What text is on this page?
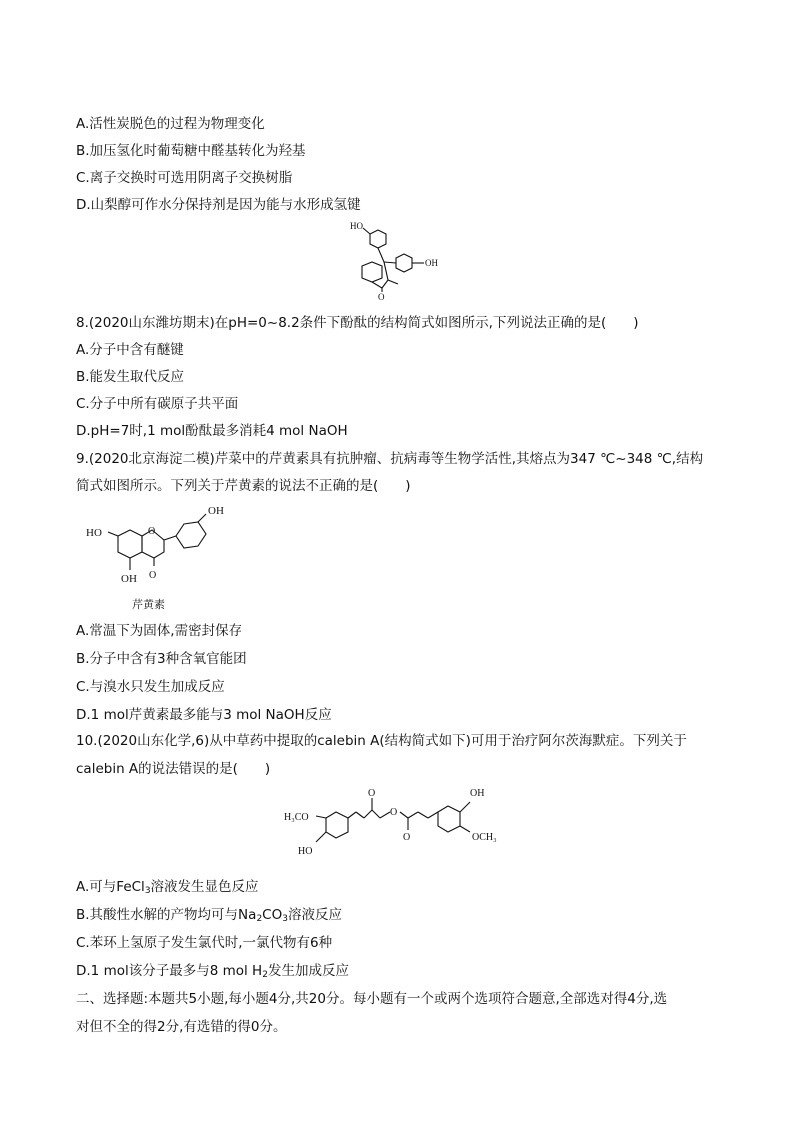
A.活性炭脱色的过程为物理变化
B.加压氢化时葡萄糖中醛基转化为羟基
C.离子交换时可选用阴离子交换树脂
D.山梨醇可作水分保持剂是因为能与水形成氢键
HO
OH
O
8.(2020山东潍坊期末)在pH=0~8.2条件下酚酞的结构简式如图所示,下列说法正确的是(　　)
A.分子中含有醚键
B.能发生取代反应
C.分子中所有碳原子共平面
D.pH=7时,1 mol酚酞最多消耗4 mol NaOH
9.(2020北京海淀二模)芹菜中的芹黄素具有抗肿瘤、抗病毒等生物学活性,其熔点为347 ℃~348 ℃,结构
简式如图所示。下列关于芹黄素的说法不正确的是(　　)
OH
O
HO
OH O
芹黄素
A.常温下为固体,需密封保存
B.分子中含有3种含氧官能团
C.与溴水只发生加成反应
D.1 mol芹黄素最多能与3 mol NaOH反应
10.(2020山东化学,6)从中草药中提取的calebin A(结构简式如下)可用于治疗阿尔茨海默症。下列关于
calebin A的说法错误的是(　　)
H₃CO
HO
O
O
O
OH
OCH₃
A.可与FeCl$_3$溶液发生显色反应
B.其酸性水解的产物均可与$Na_2CO_3$溶液反应
C.苯环上氢原子发生氯代时,一氯代物有6种
D.1 mol该分子最多与8 mol $H_2$发生加成反应
二、选择题:本题共5小题,每小题4分,共20分。每小题有一个或两个选项符合题意,全部选对得4分,选
对但不全的得2分,有选错的得0分。
